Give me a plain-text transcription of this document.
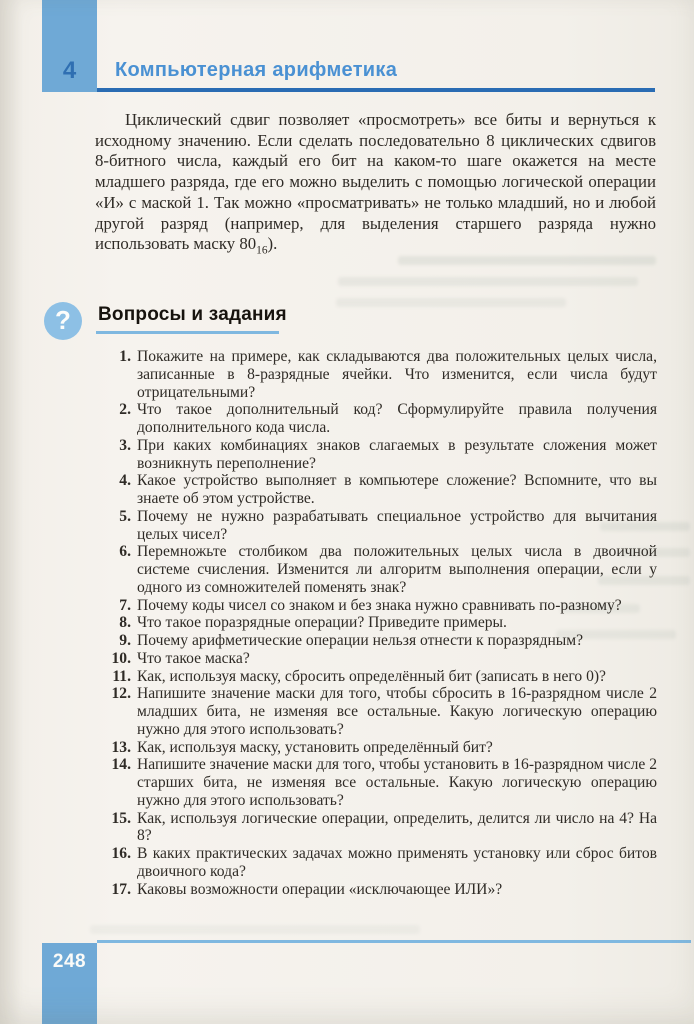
4 Компьютерная арифметика

Циклический сдвиг позволяет «просмотреть» все биты и вернуться к исходному значению. Если сделать последовательно 8 циклических сдвигов 8-битного числа, каждый его бит на каком-то шаге окажется на месте младшего разряда, где его можно выделить с помощью логической операции «И» с маской 1. Так можно «просматривать» не только младший, но и любой другой разряд (например, для выделения старшего разряда нужно использовать маску $80_{16}$).

? Вопросы и задания
1. Покажите на примере, как складываются два положительных целых числа, записанные в 8-разрядные ячейки. Что изменится, если числа будут отрицательными?
2. Что такое дополнительный код? Сформулируйте правила получения дополнительного кода числа.
3. При каких комбинациях знаков слагаемых в результате сложения может возникнуть переполнение?
4. Какое устройство выполняет в компьютере сложение? Вспомните, что вы знаете об этом устройстве.
5. Почему не нужно разрабатывать специальное устройство для вычитания целых чисел?
6. Перемножьте столбиком два положительных целых числа в двоичной системе счисления. Изменится ли алгоритм выполнения операции, если у одного из сомножителей поменять знак?
7. Почему коды чисел со знаком и без знака нужно сравнивать по-разному?
8. Что такое поразрядные операции? Приведите примеры.
9. Почему арифметические операции нельзя отнести к поразрядным?
10. Что такое маска?
11. Как, используя маску, сбросить определённый бит (записать в него 0)?
12. Напишите значение маски для того, чтобы сбросить в 16-разрядном числе 2 младших бита, не изменяя все остальные. Какую логическую операцию нужно для этого использовать?
13. Как, используя маску, установить определённый бит?
14. Напишите значение маски для того, чтобы установить в 16-разрядном числе 2 старших бита, не изменяя все остальные. Какую логическую операцию нужно для этого использовать?
15. Как, используя логические операции, определить, делится ли число на 4? На 8?
16. В каких практических задачах можно применять установку или сброс битов двоичного кода?
17. Каковы возможности операции «исключающее ИЛИ»?
248
